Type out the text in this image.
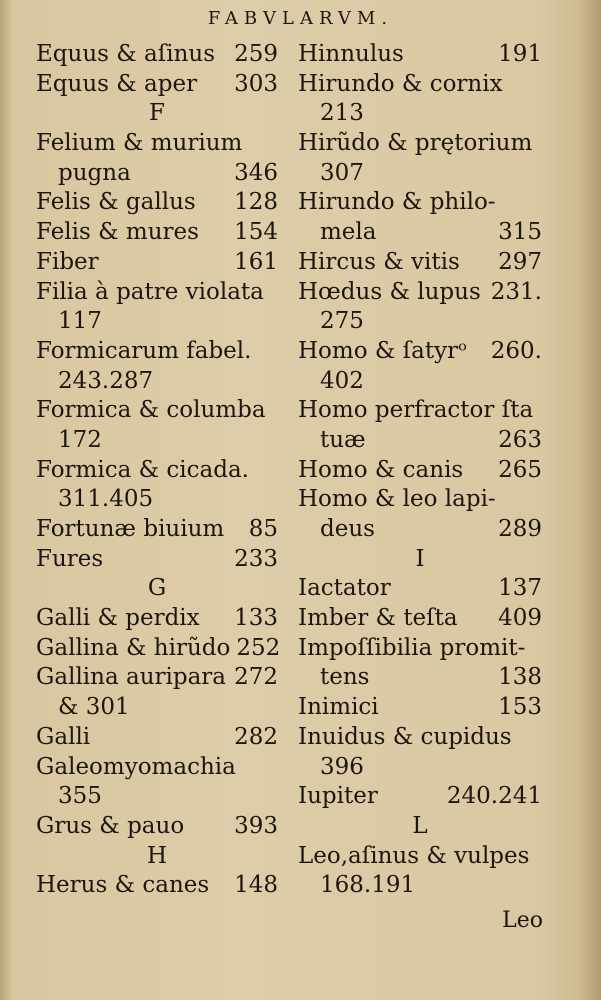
FABVLARVM.
Equus & aſinus 259
Equus & aper 303
F
Felium & murium
pugna	346
Felis & gallus 128
Felis & mures 154
Fiber	161
Filia à patre violata
117
Formicarum fabel.
243.287
Formica & columba
172
Formica & cicada.
311.405
Fortunæ biuium 85
Fures	233
G
Galli & perdix 133
Gallina & hirũdo 252
Gallina auripara 272
& 301
Galli	282
Galeomyomachia
355
Grus & pauo 393
H
Herus & canes 148
Hinnulus	191
Hirundo & cornix
213
Hirũdo & prętorium
307
Hirundo & philo-
mela	315
Hircus & vitis 297
Hœdus & lupus 231.
275
Homo & ſatyrᵒ 260.
402
Homo perfractor ſta
tuæ	263
Homo & canis 265
Homo & leo lapi-
deus	289
I
Iactator	137
Imber & teſta 409
Impoſſibilia promit-
tens	138
Inimici	153
Inuidus & cupidus
396
Iupiter	240.241
L
Leo,aſinus & vulpes
168.191
Leo
